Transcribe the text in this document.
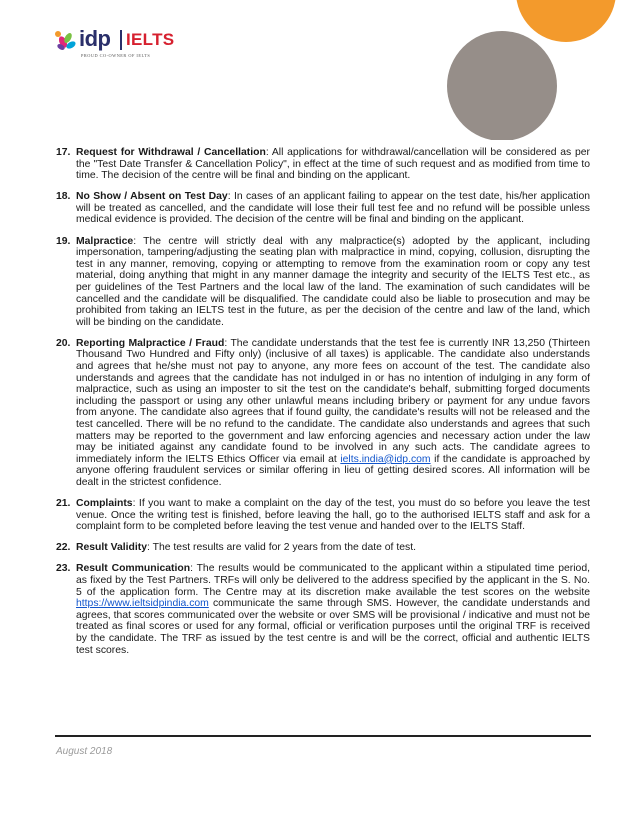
idp IELTS
PROUD CO-OWNER OF IELTS
17. Request for Withdrawal / Cancellation: All applications for withdrawal/cancellation will be considered as per the "Test Date Transfer & Cancellation Policy", in effect at the time of such request and as modified from time to time. The decision of the centre will be final and binding on the applicant.
18. No Show / Absent on Test Day: In cases of an applicant failing to appear on the test date, his/her application will be treated as cancelled, and the candidate will lose their full test fee and no refund will be possible unless medical evidence is provided. The decision of the centre will be final and binding on the applicant.
19. Malpractice: The centre will strictly deal with any malpractice(s) adopted by the applicant, including impersonation, tampering/adjusting the seating plan with malpractice in mind, copying, collusion, disrupting the test in any manner, removing, copying or attempting to remove from the examination room or copy any test material, doing anything that might in any manner damage the integrity and security of the IELTS Test etc., as per guidelines of the Test Partners and the local law of the land. The examination of such candidates will be cancelled and the candidate will be disqualified. The candidate could also be liable to prosecution and may be prohibited from taking an IELTS test in the future, as per the decision of the centre and law of the land, which will be binding on the candidate.
20. Reporting Malpractice / Fraud: The candidate understands that the test fee is currently INR 13,250 (Thirteen Thousand Two Hundred and Fifty only) (inclusive of all taxes) is applicable. The candidate also understands and agrees that he/she must not pay to anyone, any more fees on account of the test. The candidate also understands and agrees that the candidate has not indulged in or has no intention of indulging in any form of malpractice, such as using an imposter to sit the test on the candidate's behalf, submitting forged documents including the passport or using any other unlawful means including bribery or payment for any undue favors from anyone. The candidate also agrees that if found guilty, the candidate's results will not be released and the test cancelled. There will be no refund to the candidate. The candidate also understands and agrees that such matters may be reported to the government and law enforcing agencies and necessary action under the law may be initiated against any candidate found to be involved in any such acts. The candidate agrees to immediately inform the IELTS Ethics Officer via email at ielts.india@idp.com if the candidate is approached by anyone offering fraudulent services or similar offering in lieu of getting desired scores. All information will be dealt in the strictest confidence.
21. Complaints: If you want to make a complaint on the day of the test, you must do so before you leave the test venue. Once the writing test is finished, before leaving the hall, go to the authorised IELTS staff and ask for a complaint form to be completed before leaving the test venue and handed over to the IELTS Staff.
22. Result Validity: The test results are valid for 2 years from the date of test.
23. Result Communication: The results would be communicated to the applicant within a stipulated time period, as fixed by the Test Partners. TRFs will only be delivered to the address specified by the applicant in the S. No. 5 of the application form. The Centre may at its discretion make available the test scores on the website https://www.ieltsidpindia.com communicate the same through SMS. However, the candidate understands and agrees, that scores communicated over the website or over SMS will be provisional / indicative and must not be treated as final scores or used for any formal, official or verification purposes until the original TRF is received by the candidate. The TRF as issued by the test centre is and will be the correct, official and authentic IELTS test scores.
August 2018
